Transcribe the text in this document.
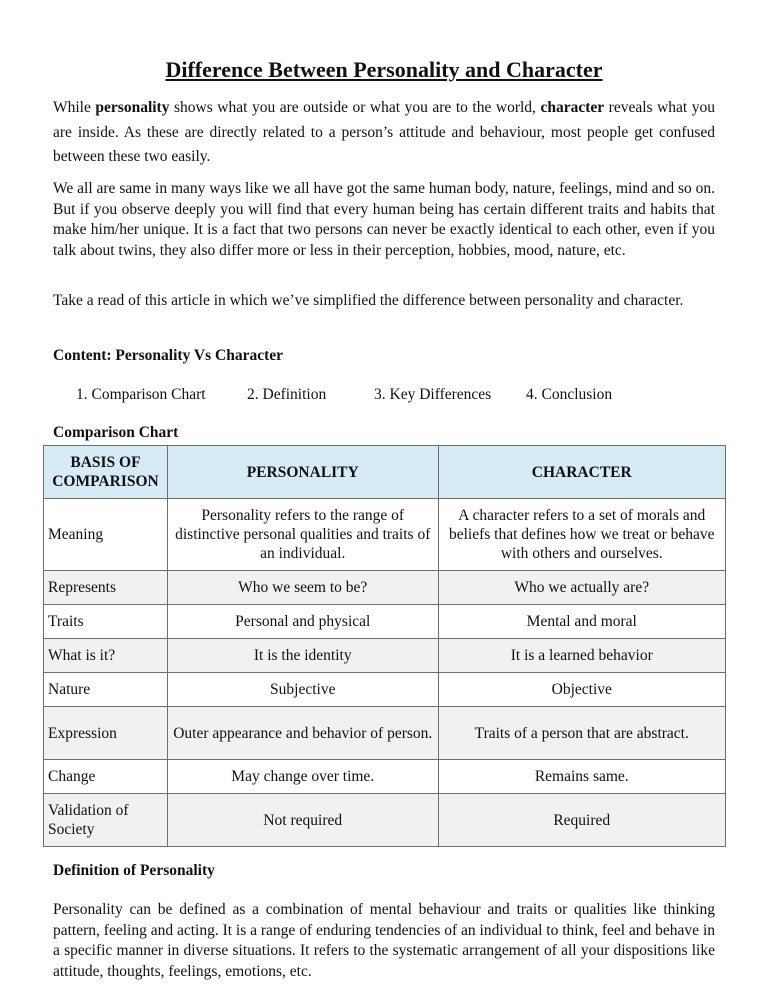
Difference Between Personality and Character

While personality shows what you are outside or what you are to the world, character reveals what you are inside. As these are directly related to a person’s attitude and behaviour, most people get confused between these two easily.

We all are same in many ways like we all have got the same human body, nature, feelings, mind and so on. But if you observe deeply you will find that every human being has certain different traits and habits that make him/her unique. It is a fact that two persons can never be exactly identical to each other, even if you talk about twins, they also differ more or less in their perception, hobbies, mood, nature, etc.

Take a read of this article in which we’ve simplified the difference between personality and character.

Content: Personality Vs Character

1. Comparison Chart	2. Definition	3. Key Differences 4. Conclusion

Comparison Chart

BASIS OF COMPARISON	PERSONALITY	CHARACTER
Meaning	Personality refers to the range of distinctive personal qualities and traits of an individual.	A character refers to a set of morals and beliefs that defines how we treat or behave with others and ourselves.
Represents	Who we seem to be?	Who we actually are?
Traits	Personal and physical	Mental and moral
What is it?	It is the identity	It is a learned behavior
Nature	Subjective	Objective
Expression	Outer appearance and behavior of person.	Traits of a person that are abstract.
Change	May change over time.	Remains same.
Validation of Society	Not required	Required

Definition of Personality

Personality can be defined as a combination of mental behaviour and traits or qualities like thinking pattern, feeling and acting. It is a range of enduring tendencies of an individual to think, feel and behave in a specific manner in diverse situations. It refers to the systematic arrangement of all your dispositions like attitude, thoughts, feelings, emotions, etc.
